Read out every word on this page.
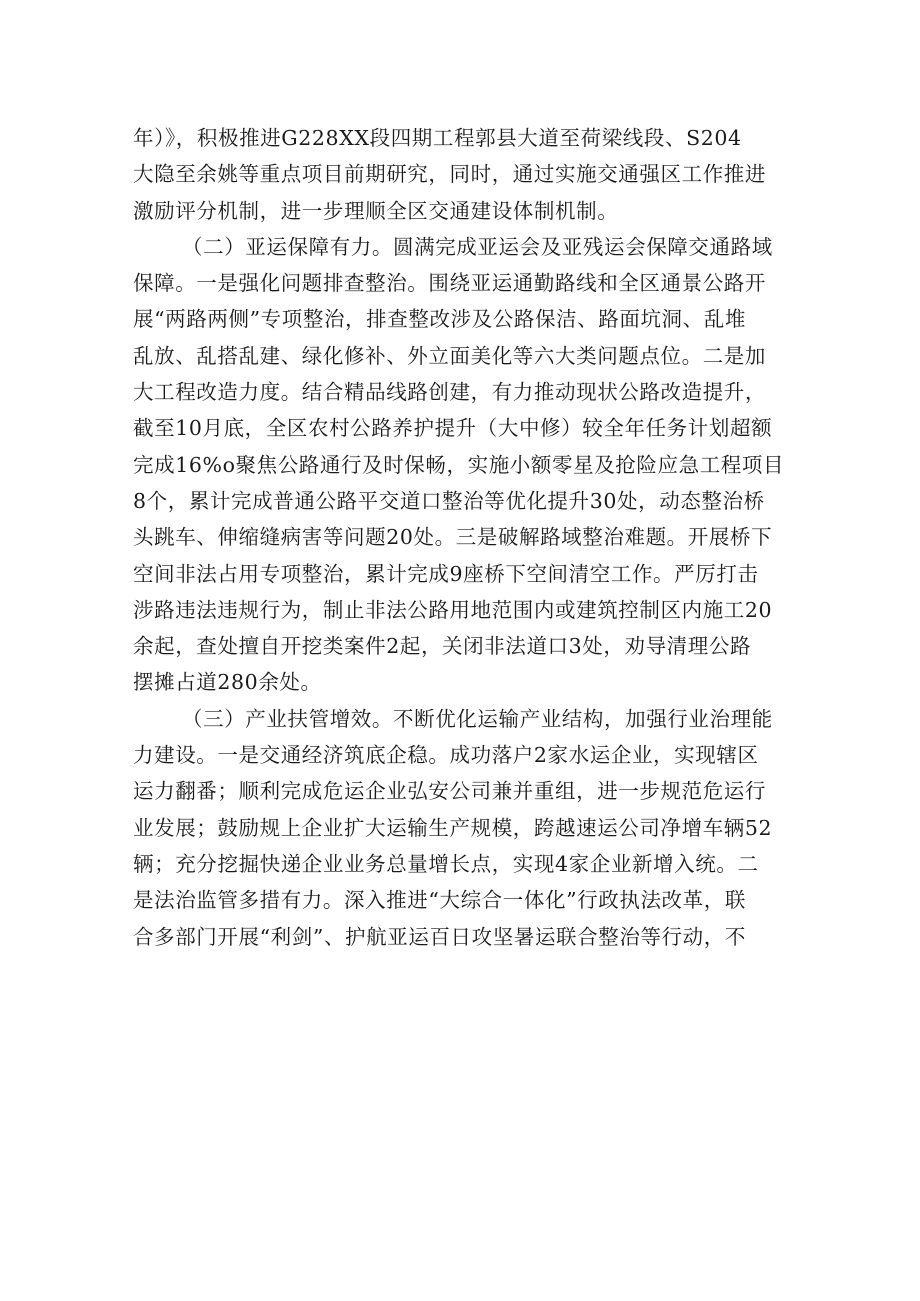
年）》，积极推进G228XX段四期工程郭县大道至荷梁线段、S204
大隐至余姚等重点项目前期研究，同时，通过实施交通强区工作推进
激励评分机制，进一步理顺全区交通建设体制机制。
（二）亚运保障有力。圆满完成亚运会及亚残运会保障交通路域
保障。一是强化问题排查整治。围绕亚运通勤路线和全区通景公路开
展“两路两侧”专项整治，排查整改涉及公路保洁、路面坑洞、乱堆
乱放、乱搭乱建、绿化修补、外立面美化等六大类问题点位。二是加
大工程改造力度。结合精品线路创建，有力推动现状公路改造提升，
截至10月底，全区农村公路养护提升（大中修）较全年任务计划超额
完成16%o聚焦公路通行及时保畅，实施小额零星及抢险应急工程项目
8个，累计完成普通公路平交道口整治等优化提升30处，动态整治桥
头跳车、伸缩缝病害等问题20处。三是破解路域整治难题。开展桥下
空间非法占用专项整治，累计完成9座桥下空间清空工作。严厉打击
涉路违法违规行为，制止非法公路用地范围内或建筑控制区内施工20
余起，查处擅自开挖类案件2起，关闭非法道口3处，劝导清理公路
摆摊占道280余处。
（三）产业扶管增效。不断优化运输产业结构，加强行业治理能
力建设。一是交通经济筑底企稳。成功落户2家水运企业，实现辖区
运力翻番；顺利完成危运企业弘安公司兼并重组，进一步规范危运行
业发展；鼓励规上企业扩大运输生产规模，跨越速运公司净增车辆52
辆；充分挖掘快递企业业务总量增长点，实现4家企业新增入统。二
是法治监管多措有力。深入推进“大综合一体化”行政执法改革，联
合多部门开展“利剑”、护航亚运百日攻坚暑运联合整治等行动，不
